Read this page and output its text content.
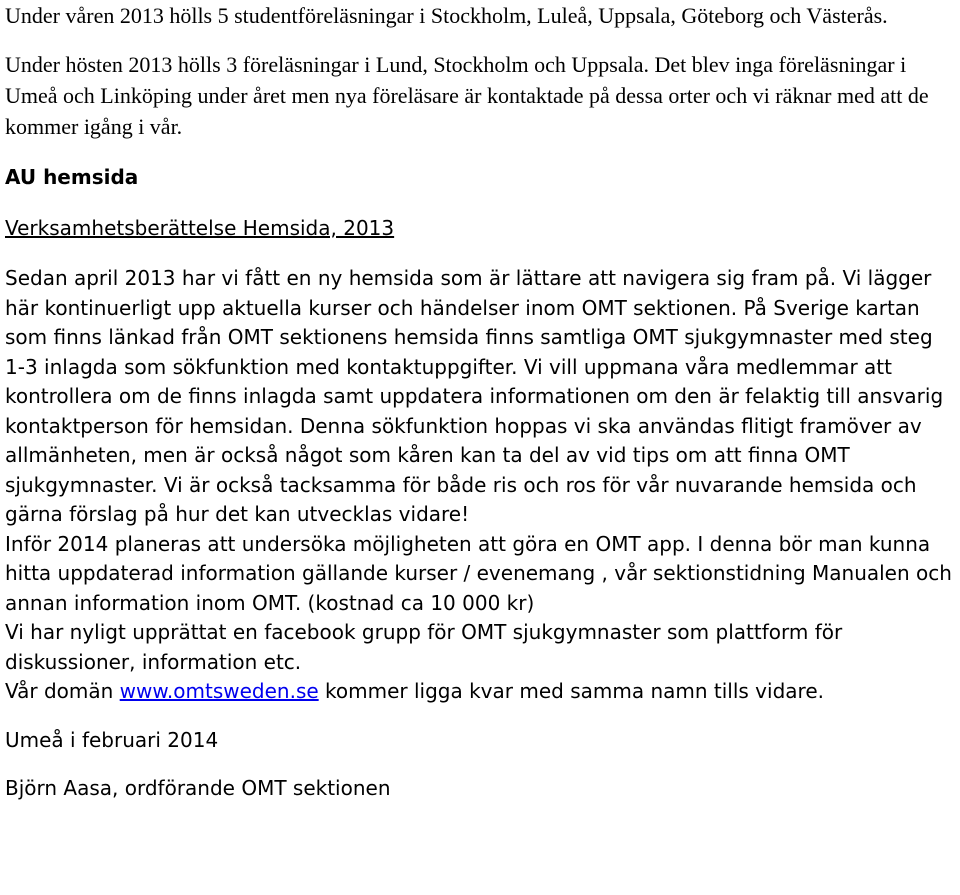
Under våren 2013 hölls 5 studentföreläsningar i Stockholm, Luleå, Uppsala, Göteborg och Västerås.

Under hösten 2013 hölls 3 föreläsningar i Lund, Stockholm och Uppsala. Det blev inga föreläsningar i Umeå och Linköping under året men nya föreläsare är kontaktade på dessa orter och vi räknar med att de kommer igång i vår.

AU hemsida

Verksamhetsberättelse Hemsida, 2013

Sedan april 2013 har vi fått en ny hemsida som är lättare att navigera sig fram på. Vi lägger här kontinuerligt upp aktuella kurser och händelser inom OMT sektionen. På Sverige kartan som finns länkad från OMT sektionens hemsida finns samtliga OMT sjukgymnaster med steg 1-3 inlagda som sökfunktion med kontaktuppgifter. Vi vill uppmana våra medlemmar att kontrollera om de finns inlagda samt uppdatera informationen om den är felaktig till ansvarig kontaktperson för hemsidan. Denna sökfunktion hoppas vi ska användas flitigt framöver av allmänheten, men är också något som kåren kan ta del av vid tips om att finna OMT sjukgymnaster. Vi är också tacksamma för både ris och ros för vår nuvarande hemsida och gärna förslag på hur det kan utvecklas vidare!

Inför 2014 planeras att undersöka möjligheten att göra en OMT app. I denna bör man kunna hitta uppdaterad information gällande kurser / evenemang , vår sektionstidning Manualen och annan information inom OMT. (kostnad ca 10 000 kr)

Vi har nyligt upprättat en facebook grupp för OMT sjukgymnaster som plattform för diskussioner, information etc.

Vår domän www.omtsweden.se kommer ligga kvar med samma namn tills vidare.

Umeå i februari 2014

Björn Aasa, ordförande OMT sektionen
